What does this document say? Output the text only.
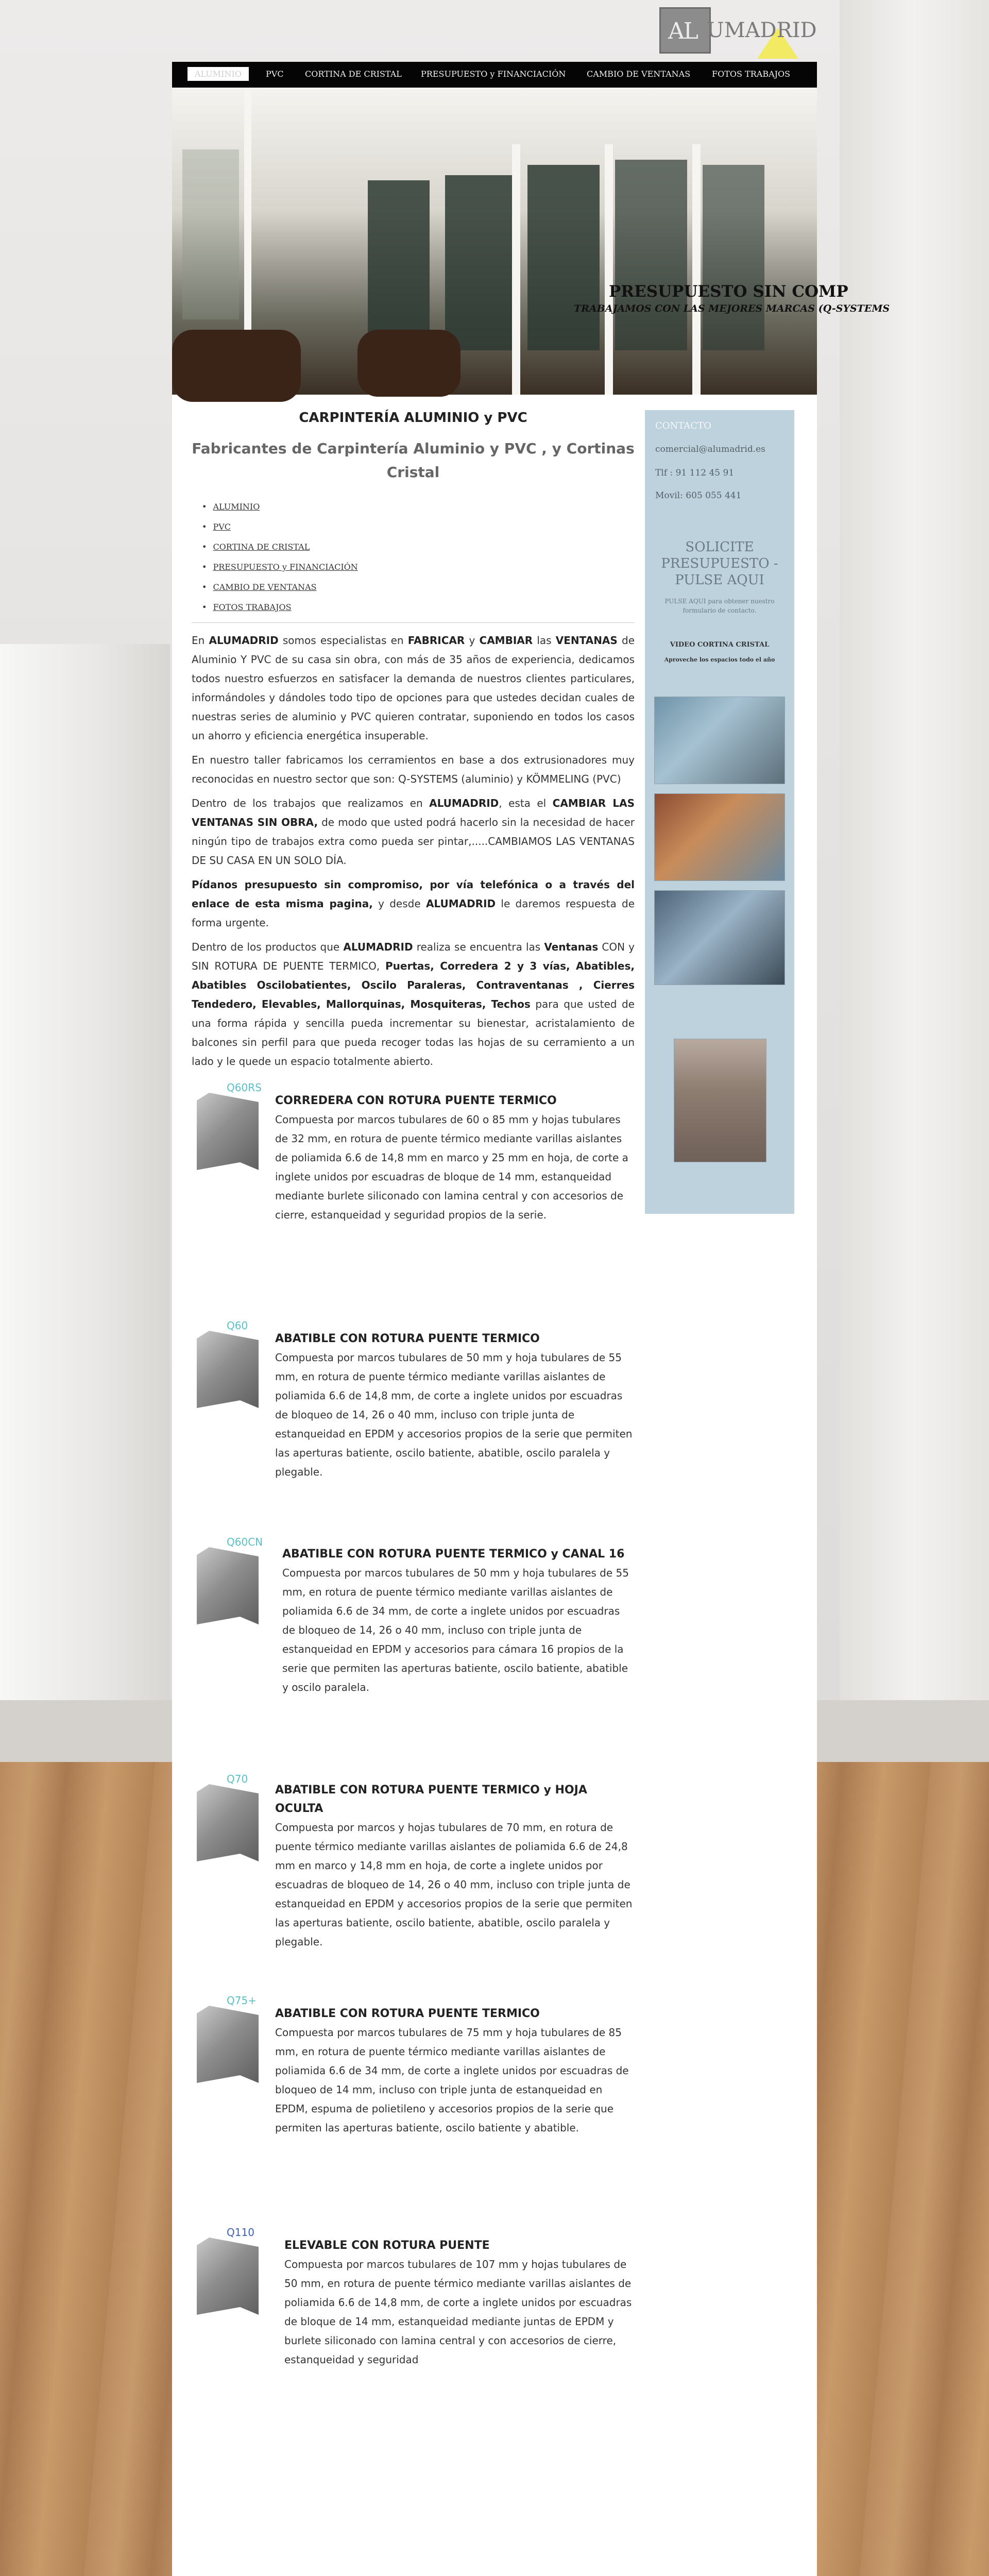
AL UMADRID
ALUMINIO	PVC	CORTINA DE CRISTAL PRESUPUESTO y FINANCIACIÓN	CAMBIO DE VENTANAS	FOTOS TRABAJOS
PRESUPUESTO SIN COMP
TRABAJAMOS CON LAS MEJORES MARCAS (Q-SYSTEMS
CARPINTERÍA ALUMINIO y PVC
Fabricantes de Carpintería Aluminio y PVC , y Cortinas Cristal
• ALUMINIO
• PVC
• CORTINA DE CRISTAL
• PRESUPUESTO y FINANCIACIÓN
• CAMBIO DE VENTANAS
• FOTOS TRABAJOS

En ALUMADRID somos especialistas en FABRICAR y CAMBIAR las VENTANAS de Aluminio Y PVC de su casa sin obra, con más de 35 años de experiencia, dedicamos todos nuestro esfuerzos en satisfacer la demanda de nuestros clientes particulares, informándoles y dándoles todo tipo de opciones para que ustedes decidan cuales de nuestras series de aluminio y PVC quieren contratar, suponiendo en todos los casos un ahorro y eficiencia energética insuperable.

En nuestro taller fabricamos los cerramientos en base a dos extrusionadores muy reconocidas en nuestro sector que son: Q-SYSTEMS (aluminio) y KÖMMELING (PVC)

Dentro de los trabajos que realizamos en ALUMADRID, esta el CAMBIAR LAS VENTANAS SIN OBRA, de modo que usted podrá hacerlo sin la necesidad de hacer ningún tipo de trabajos extra como pueda ser pintar,.....CAMBIAMOS LAS VENTANAS DE SU CASA EN UN SOLO DÍA.

Pídanos presupuesto sin compromiso, por vía telefónica o a través del enlace de esta misma pagina, y desde ALUMADRID le daremos respuesta de forma urgente.

Dentro de los productos que ALUMADRID realiza se encuentra las Ventanas CON y SIN ROTURA DE PUENTE TERMICO, Puertas, Corredera 2 y 3 vías, Abatibles, Abatibles Oscilobatientes, Oscilo Paraleras, Contraventanas , Cierres Tendedero, Elevables, Mallorquinas, Mosquiteras, Techos para que usted de una forma rápida y sencilla pueda incrementar su bienestar, acristalamiento de balcones sin perfil para que pueda recoger todas las hojas de su cerramiento a un lado y le quede un espacio totalmente abierto.

Q60RS
CORREDERA CON ROTURA PUENTE TERMICO
Compuesta por marcos tubulares de 60 o 85 mm y hojas tubulares de 32 mm, en rotura de puente térmico mediante varillas aislantes de poliamida 6.6 de 14,8 mm en marco y 25 mm en hoja, de corte a inglete unidos por escuadras de bloque de 14 mm, estanqueidad mediante burlete siliconado con lamina central y con accesorios de cierre, estanqueidad y seguridad propios de la serie.
Q60
ABATIBLE CON ROTURA PUENTE TERMICO
Compuesta por marcos tubulares de 50 mm y hoja tubulares de 55 mm, en rotura de puente térmico mediante varillas aislantes de poliamida 6.6 de 14,8 mm, de corte a inglete unidos por escuadras de bloqueo de 14, 26 o 40 mm, incluso con triple junta de estanqueidad en EPDM y accesorios propios de la serie que permiten las aperturas batiente, oscilo batiente, abatible, oscilo paralela y plegable.
Q60CN
ABATIBLE CON ROTURA PUENTE TERMICO y CANAL 16
Compuesta por marcos tubulares de 50 mm y hoja tubulares de 55 mm, en rotura de puente térmico mediante varillas aislantes de poliamida 6.6 de 34 mm, de corte a inglete unidos por escuadras de bloqueo de 14, 26 o 40 mm, incluso con triple junta de estanqueidad en EPDM y accesorios para cámara 16 propios de la serie que permiten las aperturas batiente, oscilo batiente, abatible y oscilo paralela.
Q70
ABATIBLE CON ROTURA PUENTE TERMICO y HOJA OCULTA
Compuesta por marcos y hojas tubulares de 70 mm, en rotura de puente térmico mediante varillas aislantes de poliamida 6.6 de 24,8 mm en marco y 14,8 mm en hoja, de corte a inglete unidos por escuadras de bloqueo de 14, 26 o 40 mm, incluso con triple junta de estanqueidad en EPDM y accesorios propios de la serie que permiten las aperturas batiente, oscilo batiente, abatible, oscilo paralela y plegable.
Q75+
ABATIBLE CON ROTURA PUENTE TERMICO
Compuesta por marcos tubulares de 75 mm y hoja tubulares de 85 mm, en rotura de puente térmico mediante varillas aislantes de poliamida 6.6 de 34 mm, de corte a inglete unidos por escuadras de bloqueo de 14 mm, incluso con triple junta de estanqueidad en EPDM, espuma de polietileno y accesorios propios de la serie que permiten las aperturas batiente, oscilo batiente y abatible.
Q110
ELEVABLE CON ROTURA PUENTE
Compuesta por marcos tubulares de 107 mm y hojas tubulares de 50 mm, en rotura de puente térmico mediante varillas aislantes de poliamida 6.6 de 14,8 mm, de corte a inglete unidos por escuadras de bloque de 14 mm, estanqueidad mediante juntas de EPDM y burlete siliconado con lamina central y con accesorios de cierre, estanqueidad y seguridad
CONTACTO
comercial@alumadrid.es
Tlf : 91 112 45 91
Movil: 605 055 441
SOLICITE
PRESUPUESTO -
PULSE AQUI
PULSE AQUI para obtener nuestro formulario de contacto.
VIDEO CORTINA CRISTAL
Aproveche los espacios todo el año
